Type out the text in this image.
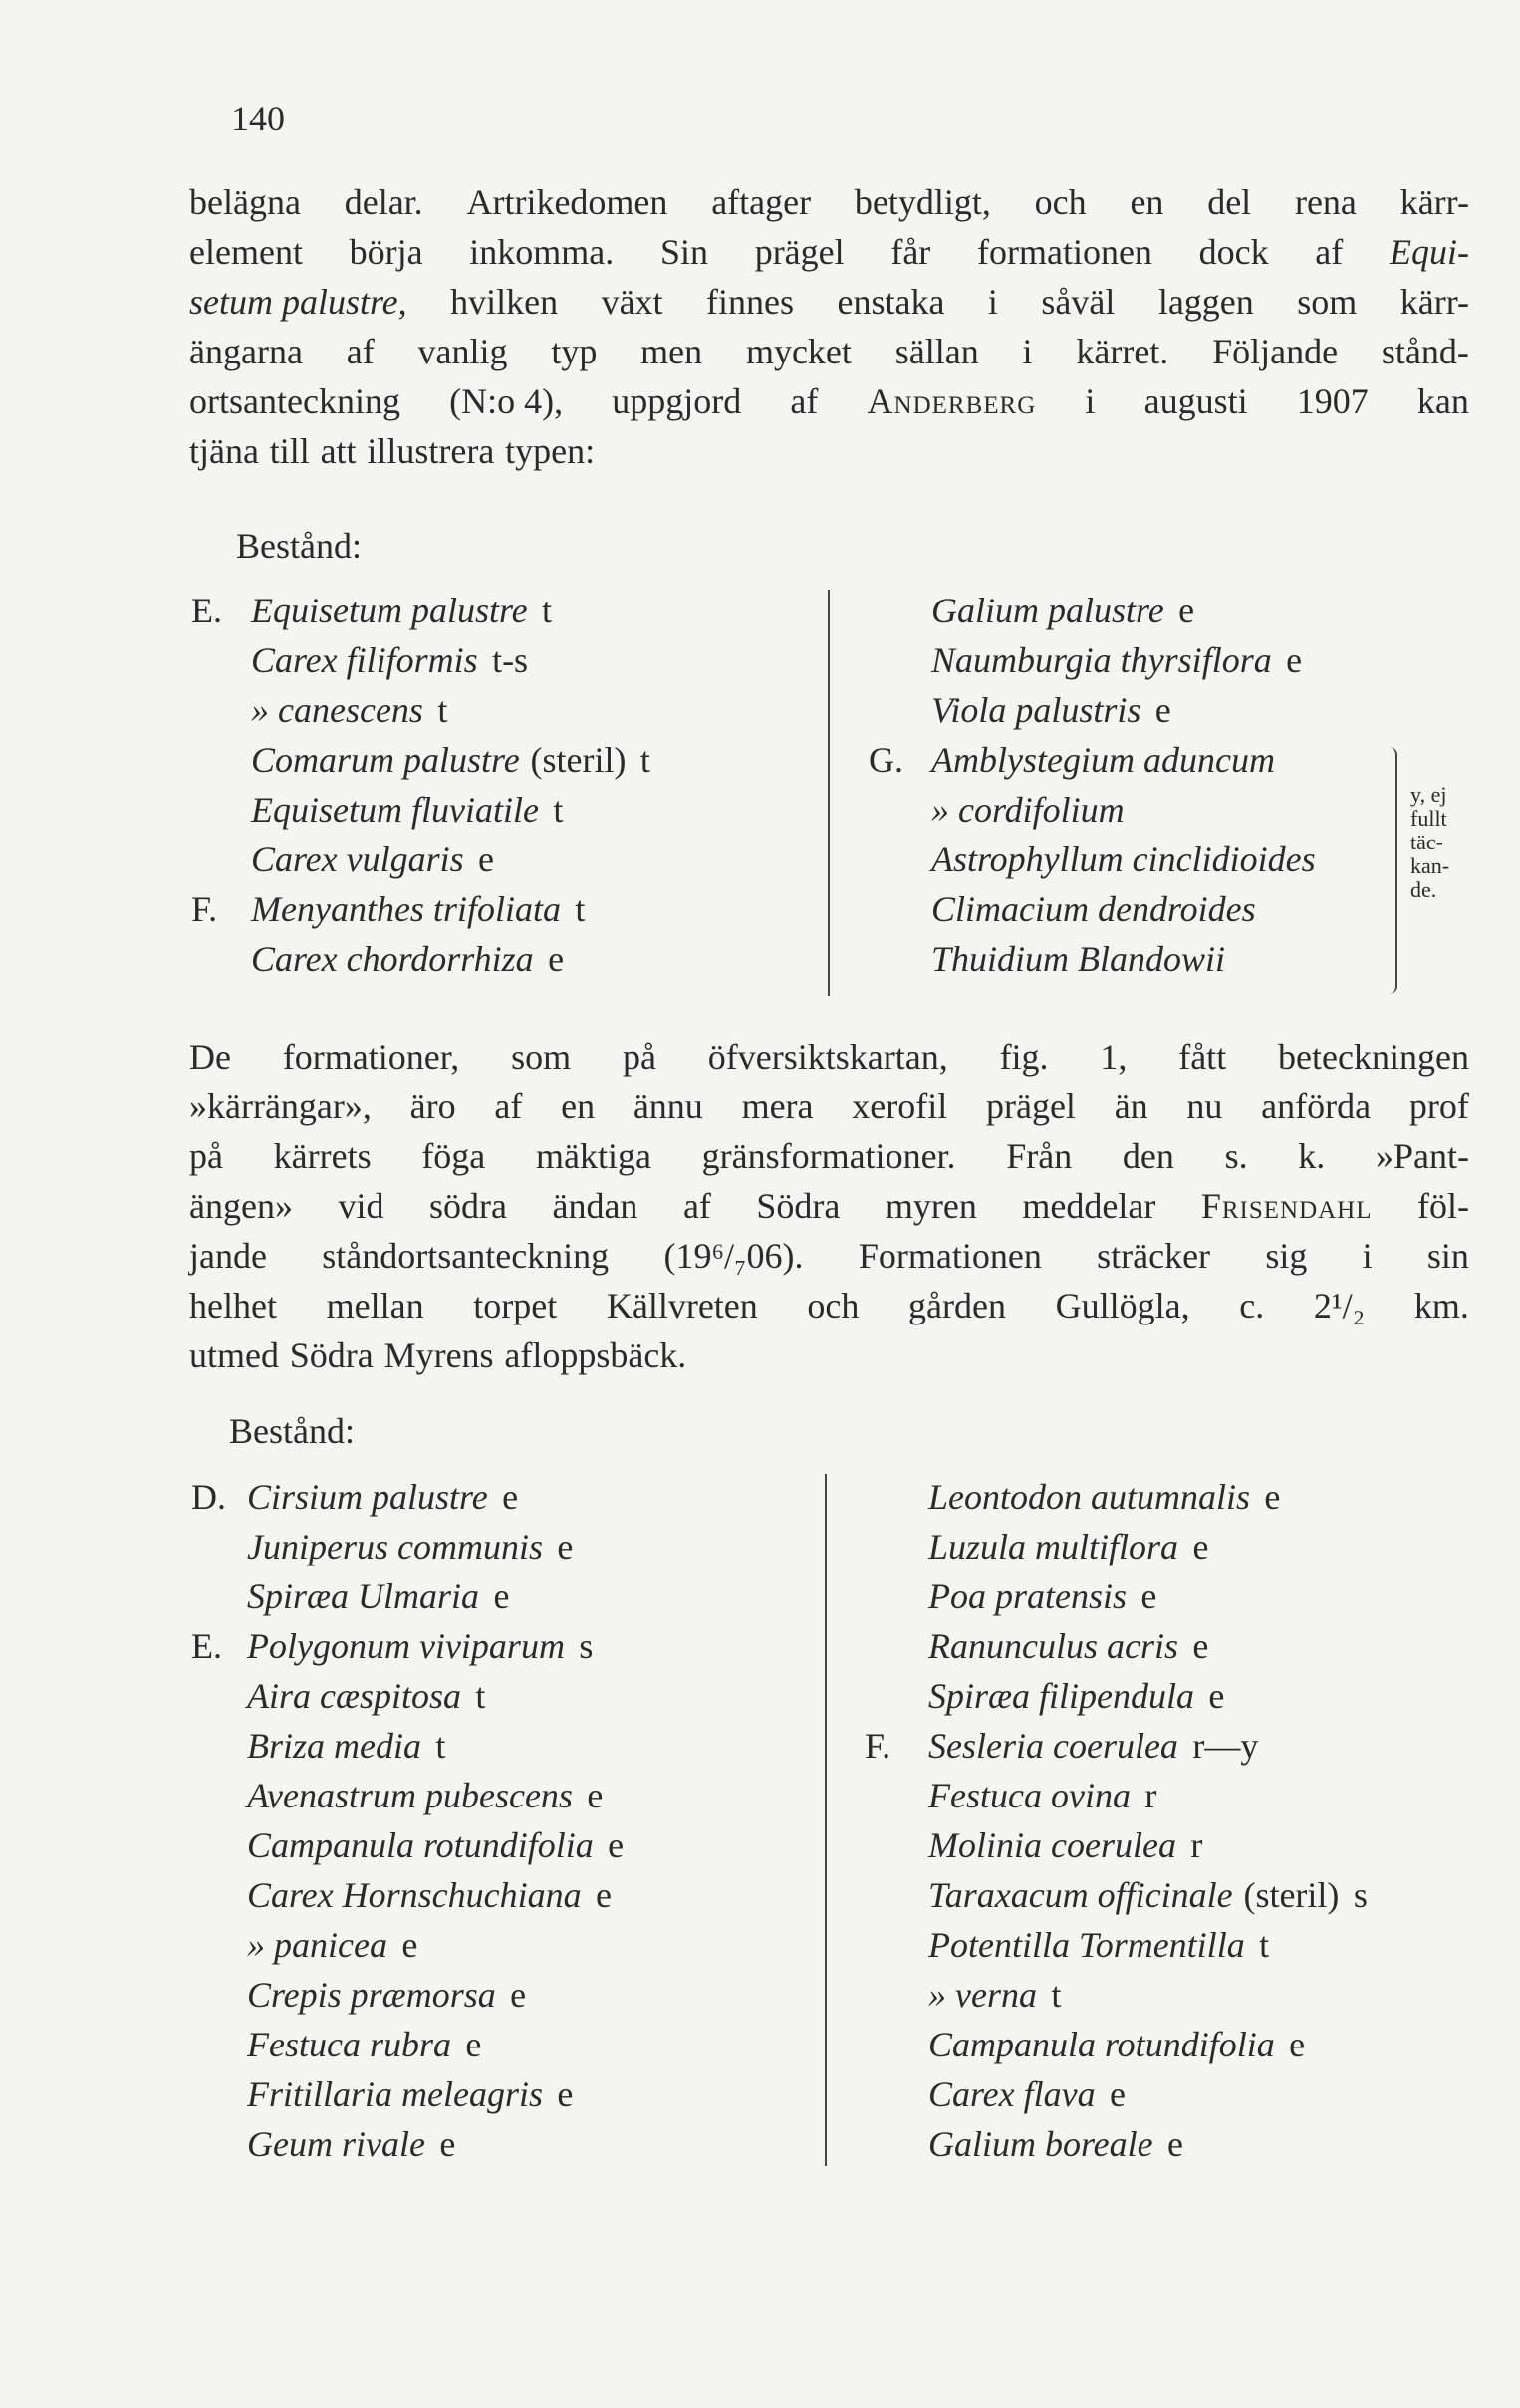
140
belägna delar. Artrikedomen aftager betydligt, och en del rena kärr-
element börja inkomma. Sin prägel får formationen dock af Equi-
setum palustre, hvilken växt finnes enstaka i såväl laggen som kärr-
ängarna af vanlig typ men mycket sällan i kärret. Följande stånd-
ortsanteckning (N:o 4), uppgjord af Anderberg i augusti 1907 kan
tjäna till att illustrera typen:
Bestånd:
E. Equisetum palustre t
Carex filiformis t-s
» canescens t
Comarum palustre (steril) t
Equisetum fluviatile t
Carex vulgaris e
F. Menyanthes trifoliata t
Carex chordorrhiza e
Galium palustre e
Naumburgia thyrsiflora e
Viola palustris e
G. Amblystegium aduncum
» cordifolium
Astrophyllum cinclidioides
Climacium dendroides
Thuidium Blandowii
y, ej
fullt
täc-
kan-
de.
De formationer, som på öfversiktskartan, fig. 1, fått beteckningen
»kärrängar», äro af en ännu mera xerofil prägel än nu anförda prof
på kärrets föga mäktiga gränsformationer. Från den s. k. »Pant-
ängen» vid södra ändan af Södra myren meddelar Frisendahl föl-
jande ståndortsanteckning (19⁶/₇06). Formationen sträcker sig i sin
helhet mellan torpet Källvreten och gården Gullögla, c. 2¹/₂ km.
utmed Södra Myrens afloppsbäck.
Bestånd:
D. Cirsium palustre e
Juniperus communis e
Spiræa Ulmaria e
E. Polygonum viviparum s
Aira cæspitosa t
Briza media t
Avenastrum pubescens e
Campanula rotundifolia e
Carex Hornschuchiana e
» panicea e
Crepis præmorsa e
Festuca rubra e
Fritillaria meleagris e
Geum rivale e
Leontodon autumnalis e
Luzula multiflora e
Poa pratensis e
Ranunculus acris e
Spiræa filipendula e
F. Sesleria coerulea r—y
Festuca ovina r
Molinia coerulea r
Taraxacum officinale (steril) s
Potentilla Tormentilla t
» verna t
Campanula rotundifolia e
Carex flava e
Galium boreale e
